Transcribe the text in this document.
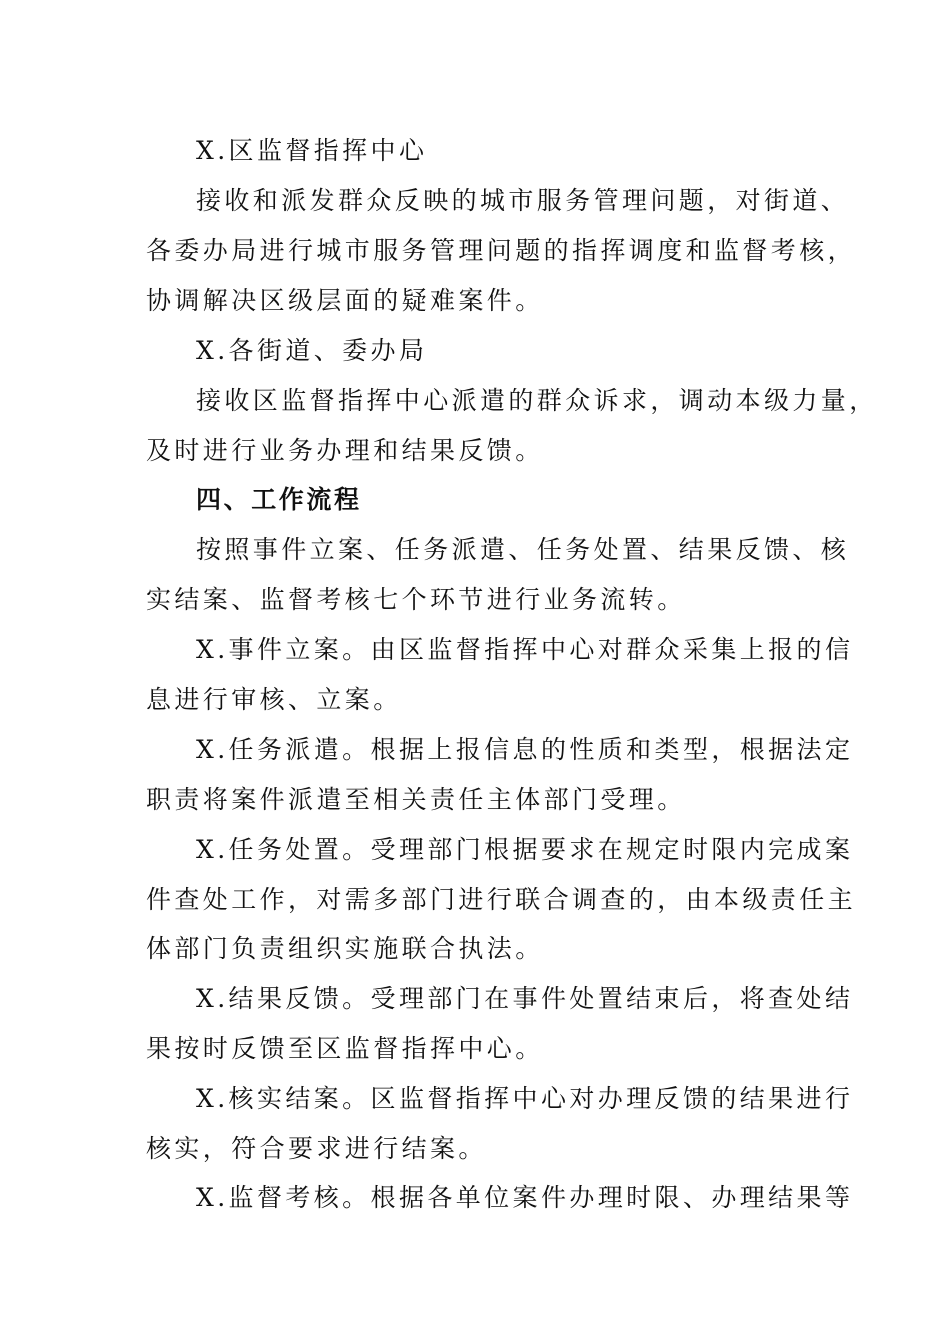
X.区监督指挥中心
接收和派发群众反映的城市服务管理问题，对街道、
各委办局进行城市服务管理问题的指挥调度和监督考核，
协调解决区级层面的疑难案件。
X.各街道、委办局
接收区监督指挥中心派遣的群众诉求，调动本级力量，
及时进行业务办理和结果反馈。
四、工作流程
按照事件立案、任务派遣、任务处置、结果反馈、核
实结案、监督考核七个环节进行业务流转。
X.事件立案。由区监督指挥中心对群众采集上报的信
息进行审核、立案。
X.任务派遣。根据上报信息的性质和类型，根据法定
职责将案件派遣至相关责任主体部门受理。
X.任务处置。受理部门根据要求在规定时限内完成案
件查处工作，对需多部门进行联合调查的，由本级责任主
体部门负责组织实施联合执法。
X.结果反馈。受理部门在事件处置结束后，将查处结
果按时反馈至区监督指挥中心。
X.核实结案。区监督指挥中心对办理反馈的结果进行
核实，符合要求进行结案。
X.监督考核。根据各单位案件办理时限、办理结果等
